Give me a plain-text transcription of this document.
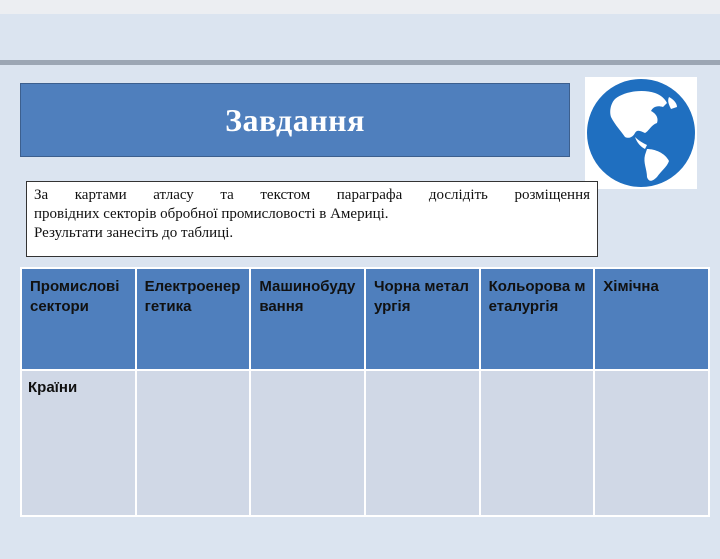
Завдання
За картами атласу та текстом параграфа дослідіть розміщення
провідних секторів обробної промисловості в Америці.
Результати занесіть до таблиці.
Промислові сектори	Електроенергетика	Машинобудування	Чорна металургія	Кольорова металургія	Хімічна
Країни					
